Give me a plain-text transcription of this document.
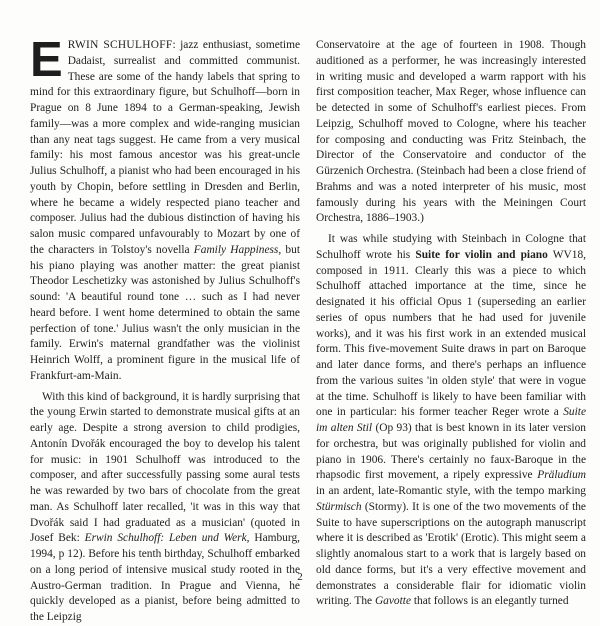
ERWIN SCHULHOFF: jazz enthusiast, sometime Dadaist, surrealist and committed communist. These are some of the handy labels that spring to mind for this extraordinary figure, but Schulhoff—born in Prague on 8 June 1894 to a German-speaking, Jewish family—was a more complex and wide-ranging musician than any neat tags suggest. He came from a very musical family: his most famous ancestor was his great-uncle Julius Schulhoff, a pianist who had been encouraged in his youth by Chopin, before settling in Dresden and Berlin, where he became a widely respected piano teacher and composer. Julius had the dubious distinction of having his salon music compared unfavourably to Mozart by one of the characters in Tolstoy's novella Family Happiness, but his piano playing was another matter: the great pianist Theodor Leschetizky was astonished by Julius Schulhoff's sound: 'A beautiful round tone … such as I had never heard before. I went home determined to obtain the same perfection of tone.' Julius wasn't the only musician in the family. Erwin's maternal grandfather was the violinist Heinrich Wolff, a prominent figure in the musical life of Frankfurt-am-Main.

With this kind of background, it is hardly surprising that the young Erwin started to demonstrate musical gifts at an early age. Despite a strong aversion to child prodigies, Antonín Dvořák encouraged the boy to develop his talent for music: in 1901 Schulhoff was introduced to the composer, and after successfully passing some aural tests he was rewarded by two bars of chocolate from the great man. As Schulhoff later recalled, 'it was in this way that Dvořák said I had graduated as a musician' (quoted in Josef Bek: Erwin Schulhoff: Leben und Werk, Hamburg, 1994, p 12). Before his tenth birthday, Schulhoff embarked on a long period of intensive musical study rooted in the Austro-German tradition. In Prague and Vienna, he quickly developed as a pianist, before being admitted to the Leipzig

Conservatoire at the age of fourteen in 1908. Though auditioned as a performer, he was increasingly interested in writing music and developed a warm rapport with his first composition teacher, Max Reger, whose influence can be detected in some of Schulhoff's earliest pieces. From Leipzig, Schulhoff moved to Cologne, where his teacher for composing and conducting was Fritz Steinbach, the Director of the Conservatoire and conductor of the Gürzenich Orchestra. (Steinbach had been a close friend of Brahms and was a noted interpreter of his music, most famously during his years with the Meiningen Court Orchestra, 1886–1903.)

It was while studying with Steinbach in Cologne that Schulhoff wrote his Suite for violin and piano WV18, composed in 1911. Clearly this was a piece to which Schulhoff attached importance at the time, since he designated it his official Opus 1 (superseding an earlier series of opus numbers that he had used for juvenile works), and it was his first work in an extended musical form. This five-movement Suite draws in part on Baroque and later dance forms, and there's perhaps an influence from the various suites 'in olden style' that were in vogue at the time. Schulhoff is likely to have been familiar with one in particular: his former teacher Reger wrote a Suite im alten Stil (Op 93) that is best known in its later version for orchestra, but was originally published for violin and piano in 1906. There's certainly no faux-Baroque in the rhapsodic first movement, a ripely expressive Präludium in an ardent, late-Romantic style, with the tempo marking Stürmisch (Stormy). It is one of the two movements of the Suite to have superscriptions on the autograph manuscript where it is described as 'Erotik' (Erotic). This might seem a slightly anomalous start to a work that is largely based on old dance forms, but it's a very effective movement and demonstrates a considerable flair for idiomatic violin writing. The Gavotte that follows is an elegantly turned

2
